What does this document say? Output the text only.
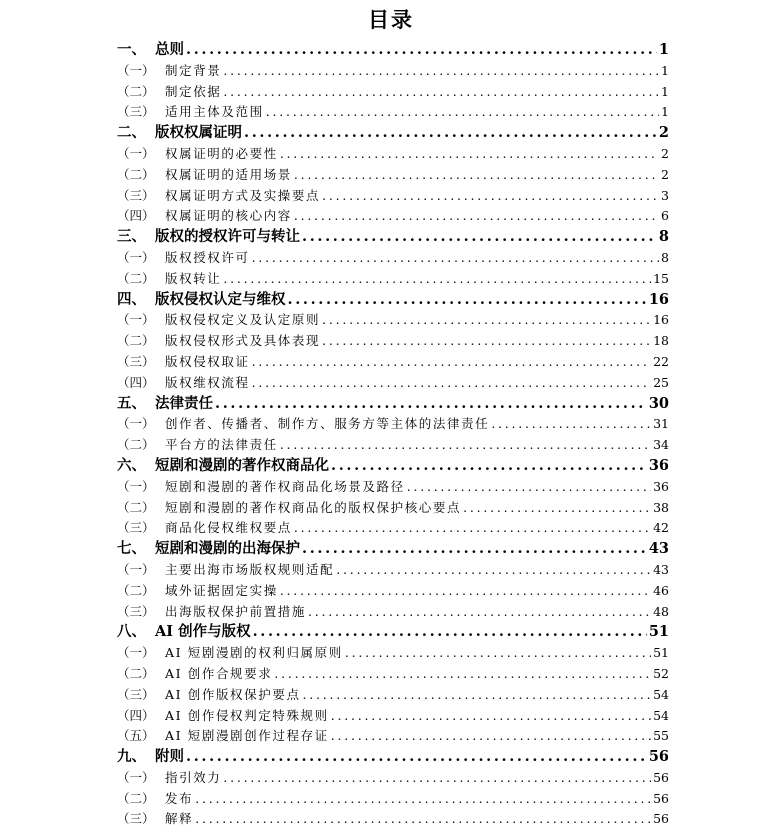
目录
一、 总则 . . .	1
（一） 制定背景 . . .	1
（二） 制定依据 . . .	1
（三） 适用主体及范围 . . .	1
二、 版权权属证明 . . .	2
（一） 权属证明的必要性 . . .	2
（二） 权属证明的适用场景 . . .	2
（三） 权属证明方式及实操要点 . . .	3
（四） 权属证明的核心内容 . . .	6
三、 版权的授权许可与转让 . . .	8
（一） 版权授权许可 . . .	8
（二） 版权转让 . . .	15
四、 版权侵权认定与维权 . . .	16
（一） 版权侵权定义及认定原则 . . .	16
（二） 版权侵权形式及具体表现 . . .	18
（三） 版权侵权取证 . . .	22
（四） 版权维权流程 . . .	25
五、 法律责任 . . .	30
（一） 创作者、传播者、制作方、服务方等主体的法律责任 . . .	31
（二） 平台方的法律责任 . . .	34
六、 短剧和漫剧的著作权商品化 . . .	36
（一） 短剧和漫剧的著作权商品化场景及路径 . . .	36
（二） 短剧和漫剧的著作权商品化的版权保护核心要点 . . .	38
（三） 商品化侵权维权要点 . . .	42
七、 短剧和漫剧的出海保护 . . .	43
（一） 主要出海市场版权规则适配 . . .	43
（二） 域外证据固定实操 . . .	46
（三） 出海版权保护前置措施 . . .	48
八、 AI 创作与版权 . . .	51
（一） AI 短剧漫剧的权利归属原则 . . .	51
（二） AI 创作合规要求 . . .	52
（三） AI 创作版权保护要点 . . .	54
（四） AI 创作侵权判定特殊规则 . . .	54
（五） AI 短剧漫剧创作过程存证 . . .	55
九、 附则 . . .	56
（一） 指引效力 . . .	56
（二） 发布 . . .	56
（三） 解释 . . .	56
